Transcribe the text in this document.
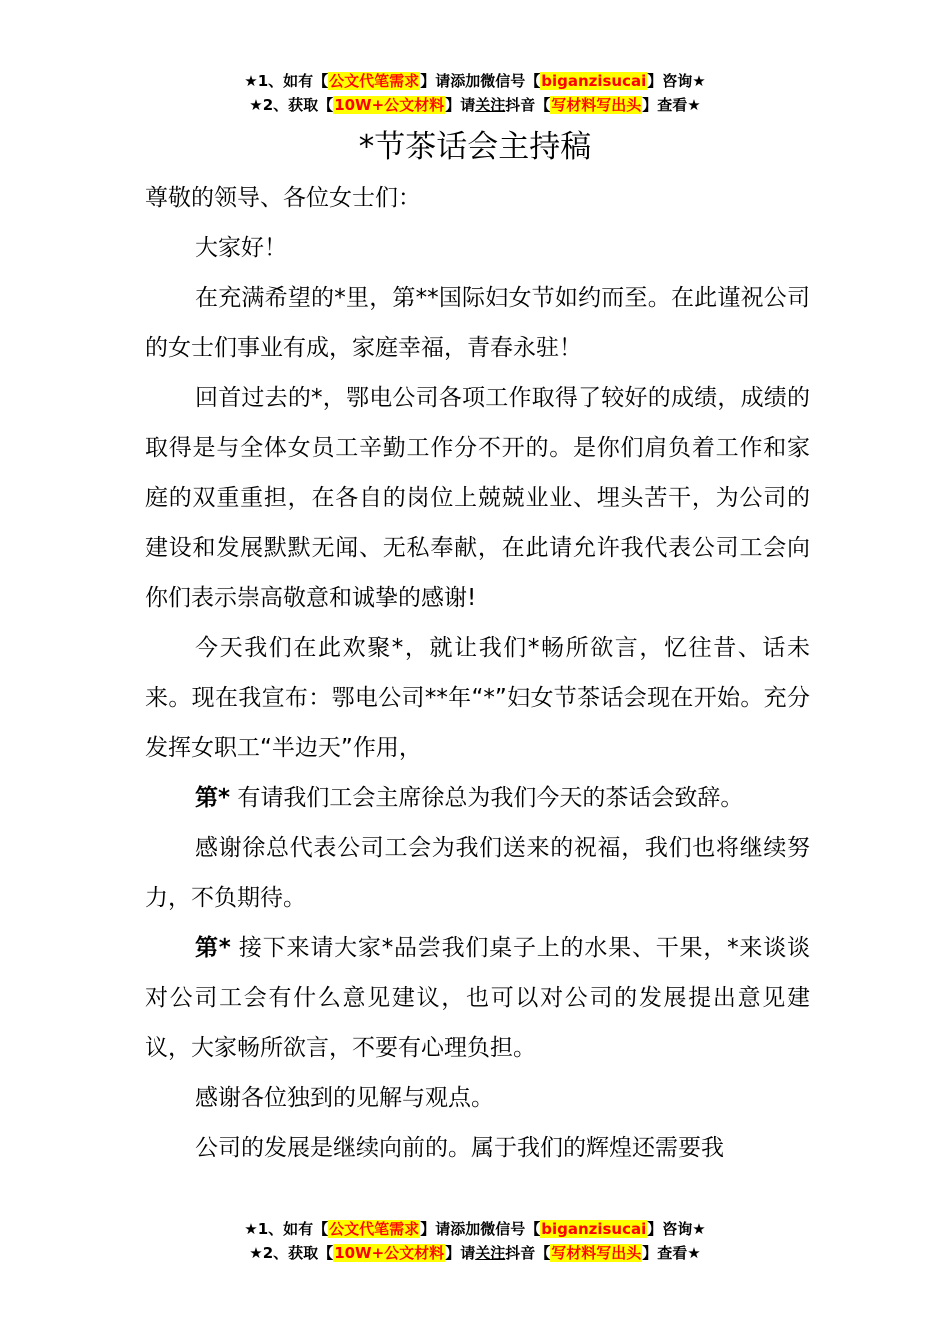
★1、如有【公文代笔需求】请添加微信号【biganzisucai】咨询★
★2、获取【10W+公文材料】请关注抖音【写材料写出头】查看★
*节茶话会主持稿

尊敬的领导、各位女士们：

大家好！

在充满希望的*里，第**国际妇女节如约而至。在此谨祝公司的女士们事业有成，家庭幸福，青春永驻！

回首过去的*，鄂电公司各项工作取得了较好的成绩，成绩的取得是与全体女员工辛勤工作分不开的。是你们肩负着工作和家庭的双重重担，在各自的岗位上兢兢业业、埋头苦干，为公司的建设和发展默默无闻、无私奉献，在此请允许我代表公司工会向你们表示崇高敬意和诚挚的感谢!

今天我们在此欢聚*，就让我们*畅所欲言，忆往昔、话未来。现在我宣布：鄂电公司**年“*”妇女节茶话会现在开始。充分发挥女职工“半边天”作用，

第* 有请我们工会主席徐总为我们今天的茶话会致辞。

感谢徐总代表公司工会为我们送来的祝福，我们也将继续努力，不负期待。

第* 接下来请大家*品尝我们桌子上的水果、干果，*来谈谈对公司工会有什么意见建议，也可以对公司的发展提出意见建议，大家畅所欲言，不要有心理负担。

感谢各位独到的见解与观点。

公司的发展是继续向前的。属于我们的辉煌还需要我

★1、如有【公文代笔需求】请添加微信号【biganzisucai】咨询★
★2、获取【10W+公文材料】请关注抖音【写材料写出头】查看★
